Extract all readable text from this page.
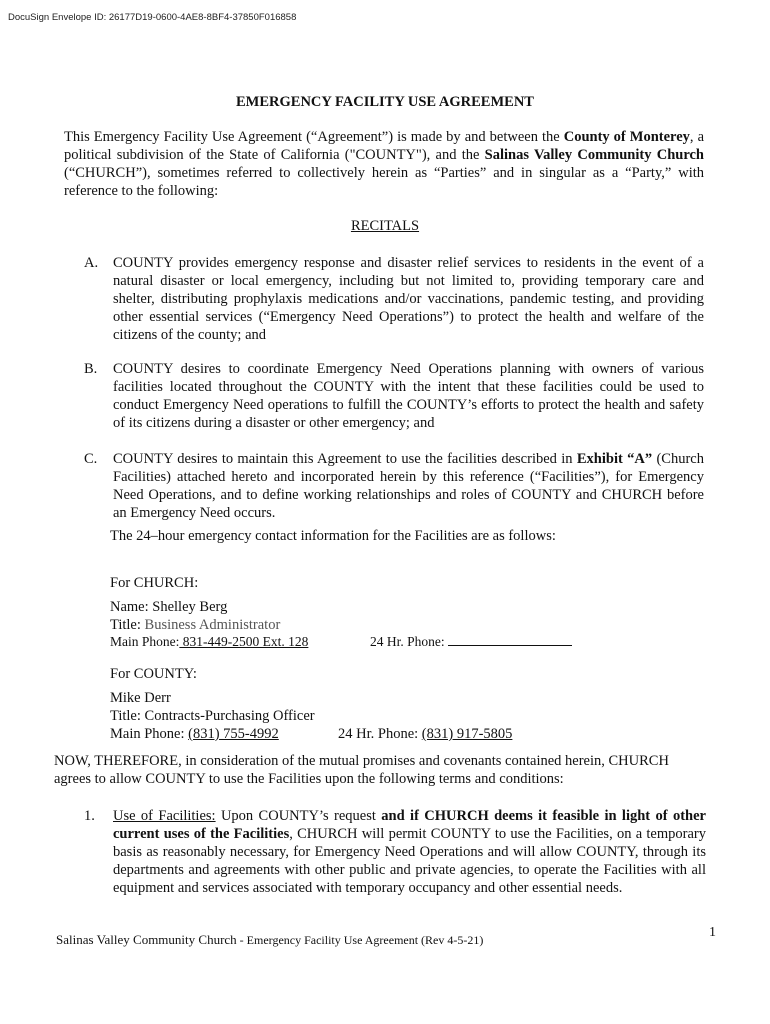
DocuSign Envelope ID: 26177D19-0600-4AE8-8BF4-37850F016858
EMERGENCY FACILITY USE AGREEMENT
This Emergency Facility Use Agreement (“Agreement”) is made by and between the County of Monterey, a political subdivision of the State of California ("COUNTY"), and the Salinas Valley Community Church (“CHURCH”), sometimes referred to collectively herein as “Parties” and in singular as a “Party,” with reference to the following:
RECITALS
A.	COUNTY provides emergency response and disaster relief services to residents in the event of a natural disaster or local emergency, including but not limited to, providing temporary care and shelter, distributing prophylaxis medications and/or vaccinations, pandemic testing, and providing other essential services (“Emergency Need Operations”) to protect the health and welfare of the citizens of the county; and
B.	COUNTY desires to coordinate Emergency Need Operations planning with owners of various facilities located throughout the COUNTY with the intent that these facilities could be used to conduct Emergency Need operations to fulfill the COUNTY’s efforts to protect the health and safety of its citizens during a disaster or other emergency; and
C.	COUNTY desires to maintain this Agreement to use the facilities described in Exhibit “A” (Church Facilities) attached hereto and incorporated herein by this reference (“Facilities”), for Emergency Need Operations, and to define working relationships and roles of COUNTY and CHURCH before an Emergency Need occurs.
The 24–hour emergency contact information for the Facilities are as follows:
For CHURCH:
Name: Shelley Berg
Title: Business Administrator
Main Phone: 831-449-2500 Ext. 128	24 Hr. Phone:
For COUNTY:
Mike Derr
Title: Contracts-Purchasing Officer
Main Phone: (831) 755-4992	24 Hr. Phone: (831) 917-5805
NOW, THEREFORE, in consideration of the mutual promises and covenants contained herein, CHURCH agrees to allow COUNTY to use the Facilities upon the following terms and conditions:
1.	Use of Facilities: Upon COUNTY’s request and if CHURCH deems it feasible in light of other current uses of the Facilities, CHURCH will permit COUNTY to use the Facilities, on a temporary basis as reasonably necessary, for Emergency Need Operations and will allow COUNTY, through its departments and agreements with other public and private agencies, to operate the Facilities with all equipment and services associated with temporary occupancy and other essential needs.
Salinas Valley Community Church - Emergency Facility Use Agreement (Rev 4-5-21)	1
